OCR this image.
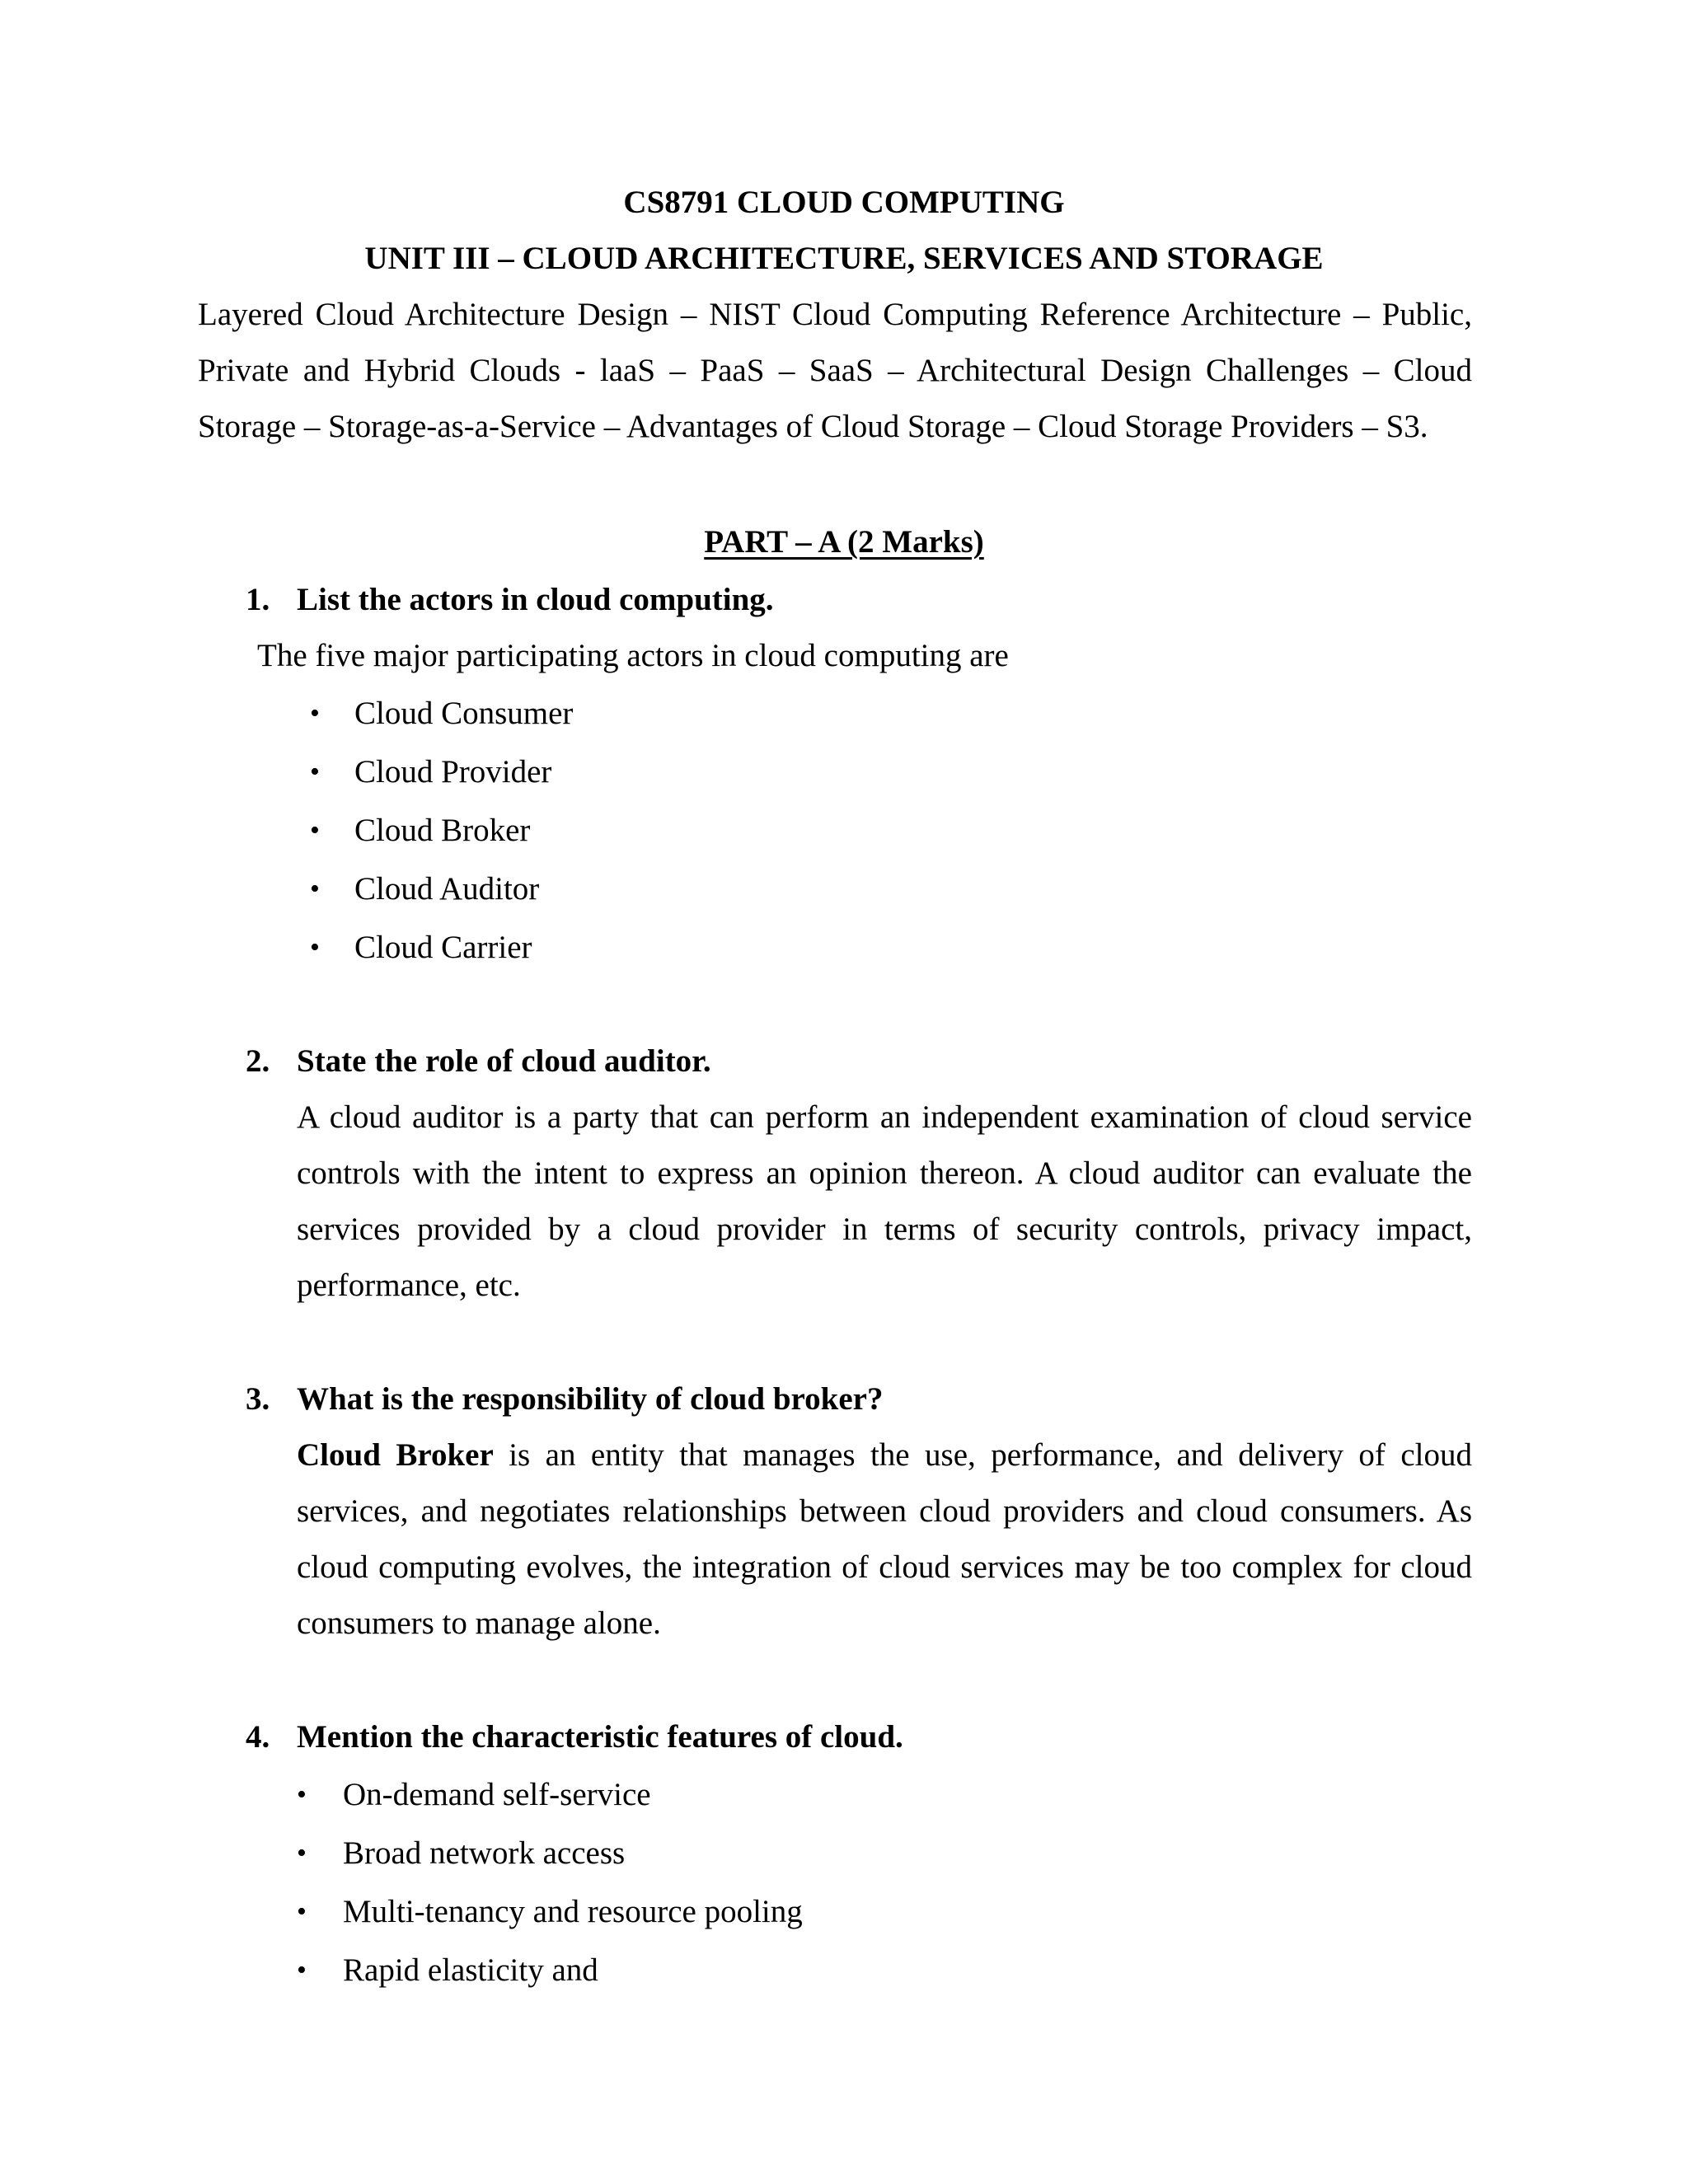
CS8791 CLOUD COMPUTING
UNIT III – CLOUD ARCHITECTURE, SERVICES AND STORAGE
Layered Cloud Architecture Design – NIST Cloud Computing Reference Architecture – Public,
Private and Hybrid Clouds - laaS – PaaS – SaaS – Architectural Design Challenges – Cloud
Storage – Storage-as-a-Service – Advantages of Cloud Storage – Cloud Storage Providers – S3.
PART – A (2 Marks)
1. List the actors in cloud computing.
The five major participating actors in cloud computing are
• Cloud Consumer
• Cloud Provider
• Cloud Broker
• Cloud Auditor
• Cloud Carrier
2. State the role of cloud auditor.
A cloud auditor is a party that can perform an independent examination of cloud service
controls with the intent to express an opinion thereon. A cloud auditor can evaluate the
services provided by a cloud provider in terms of security controls, privacy impact,
performance, etc.
3. What is the responsibility of cloud broker?
Cloud Broker is an entity that manages the use, performance, and delivery of cloud
services, and negotiates relationships between cloud providers and cloud consumers. As
cloud computing evolves, the integration of cloud services may be too complex for cloud
consumers to manage alone.
4. Mention the characteristic features of cloud.
• On-demand self-service
• Broad network access
• Multi-tenancy and resource pooling
• Rapid elasticity and
